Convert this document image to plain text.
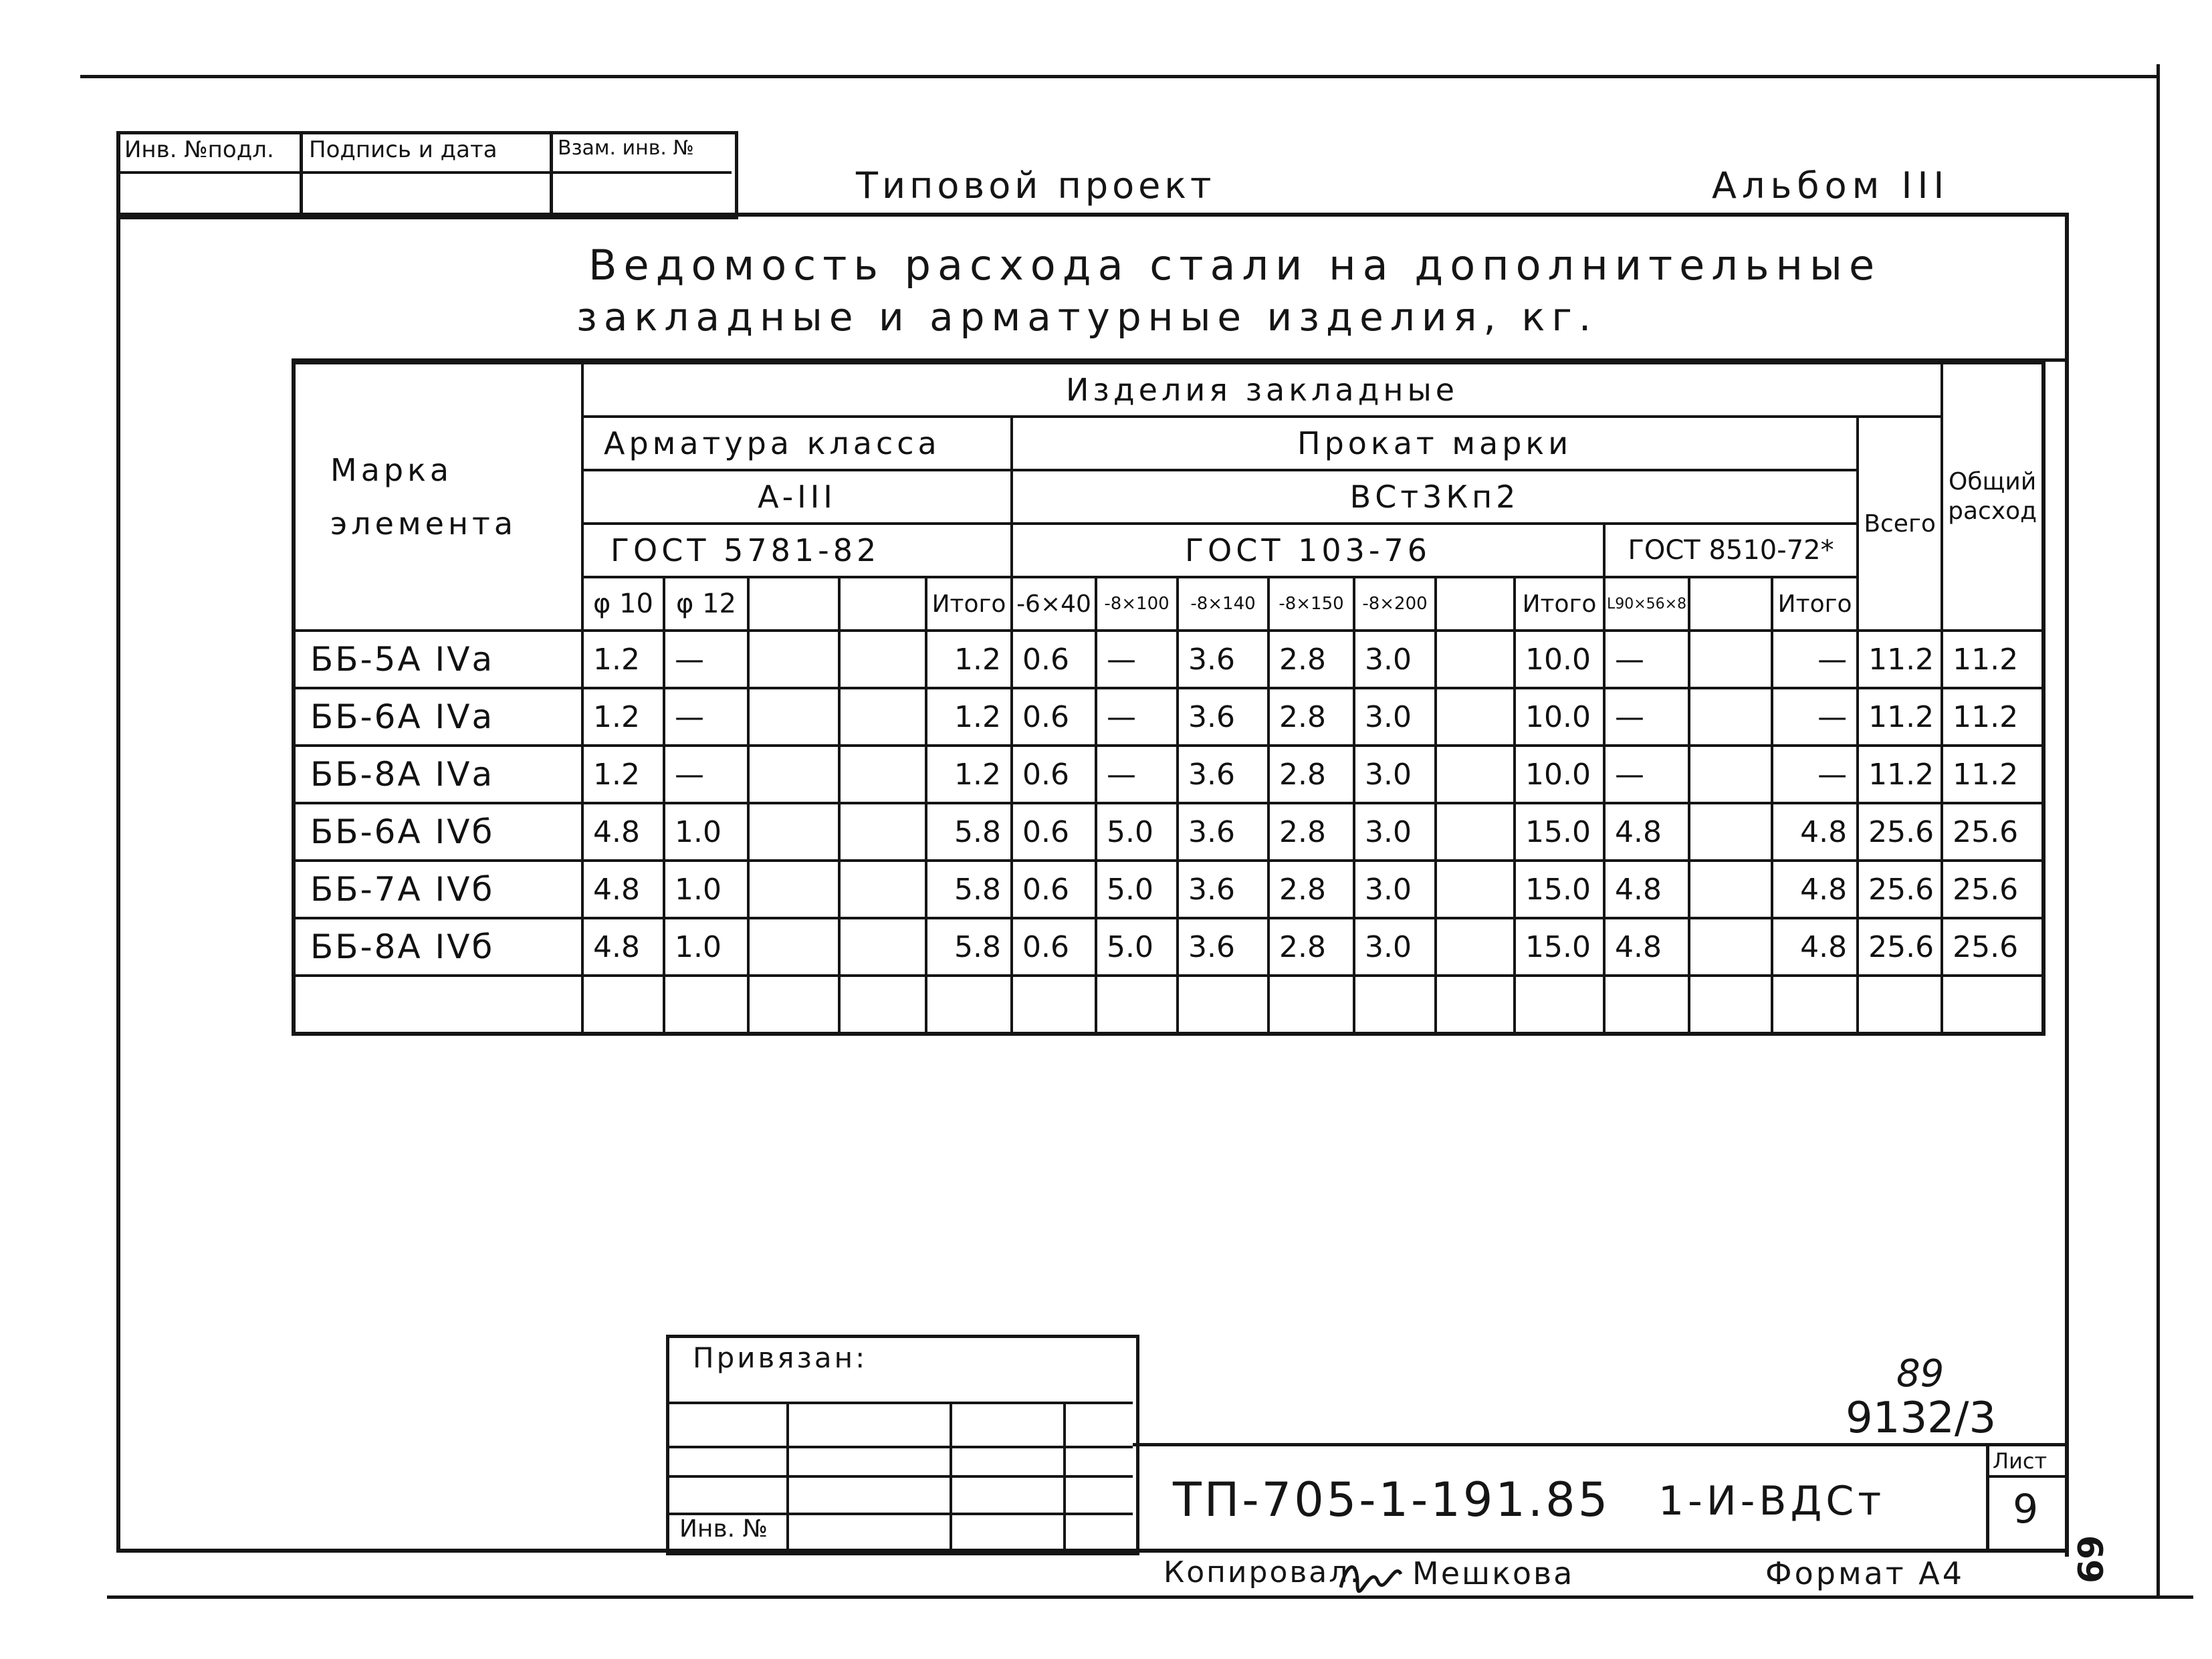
Инв. №подл. Подпись и дата	Взам. инв. №
Типовой проект	Альбом III
Ведомость расхода стали на дополнительные
закладные и арматурные изделия, кг.
Марка элемента	Изделия закладные																Общий расход
	Арматура класса					Прокат марки										Всего	
	A-III					ВСт3Кп2											
	ГОСТ 5781-82					ГОСТ 103-76							ГОСТ 8510-72*				
	φ 10	φ 12			Итого	-6×40	-8×100	-8×140	-8×150	-8×200		Итого	L90×56×8		Итого		
ББ-5А IVа	1.2	—			1.2	0.6	—	3.6	2.8	3.0		10.0	—		—	11.2	11.2
ББ-6А IVа	1.2	—			1.2	0.6	—	3.6	2.8	3.0		10.0	—		—	11.2	11.2
ББ-8А IVа	1.2	—			1.2	0.6	—	3.6	2.8	3.0		10.0	—		—	11.2	11.2
ББ-6А IVб	4.8	1.0			5.8	0.6	5.0	3.6	2.8	3.0		15.0	4.8		4.8	25.6	25.6
ББ-7А IVб	4.8	1.0			5.8	0.6	5.0	3.6	2.8	3.0		15.0	4.8		4.8	25.6	25.6
ББ-8А IVб	4.8	1.0			5.8	0.6	5.0	3.6	2.8	3.0		15.0	4.8		4.8	25.6	25.6

Привязан:
Инв. №
ТП-705-1-191.85 1-И-ВДСт
Лист
9
89
9132/3
Копировал: Мешкова	Формат А4	69
